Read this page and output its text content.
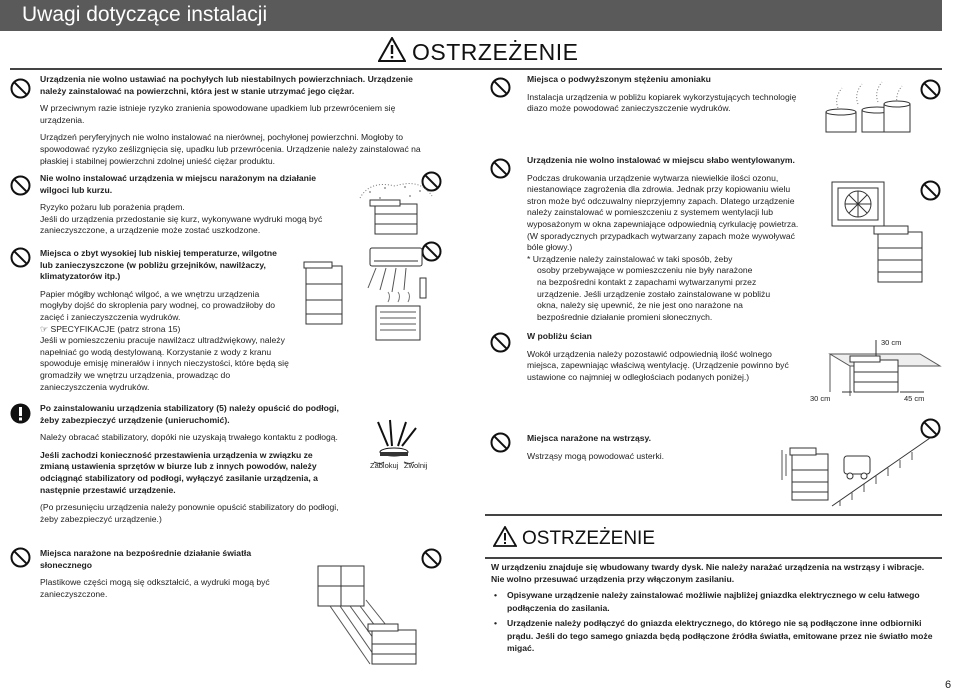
Uwagi dotyczące instalacji
OSTRZEŻENIE

Urządzenia nie wolno ustawiać na pochyłych lub niestabilnych powierzchniach. Urządzenie należy zainstalować na powierzchni, która jest w stanie utrzymać jego ciężar.

W przeciwnym razie istnieje ryzyko zranienia spowodowane upadkiem lub przewróceniem się urządzenia.

Urządzeń peryferyjnych nie wolno instalować na nierównej, pochyłonej powierzchni. Mogłoby to spowodować ryzyko ześlizgnięcia się, upadku lub przewrócenia. Urządzenie należy zainstalować na płaskiej i stabilnej powierzchni zdolnej unieść ciężar produktu.

Nie wolno instalować urządzenia w miejscu narażonym na działanie wilgoci lub kurzu.

Ryzyko pożaru lub porażenia prądem.

Jeśli do urządzenia przedostanie się kurz, wykonywane wydruki mogą być zanieczyszczone, a urządzenie może zostać uszkodzone.

Miejsca o zbyt wysokiej lub niskiej temperaturze, wilgotne lub zanieczyszczone (w pobliżu grzejników, nawilżaczy, klimatyzatorów itp.)

Papier mógłby wchłonąć wilgoć, a we wnętrzu urządzenia mogłyby dojść do skroplenia pary wodnej, co prowadziłoby do zacięć i zanieczyszczenia wydruków.

☞ SPECYFIKACJE (patrz strona 15)

Jeśli w pomieszczeniu pracuje nawilżacz ultradźwiękowy, należy napełniać go wodą destylowaną. Korzystanie z wody z kranu spowoduje emisję minerałów i innych nieczystości, które będą się gromadziły we wnętrzu urządzenia, prowadząc do zanieczyszczenia wydruków.

Po zainstalowaniu urządzenia stabilizatory (5) należy opuścić do podłogi, żeby zabezpieczyć urządzenie (unieruchomić).

Należy obracać stabilizatory, dopóki nie uzyskają trwałego kontaktu z podłogą.

Jeśli zachodzi konieczność przestawienia urządzenia w związku ze zmianą ustawienia sprzętów w biurze lub z innych powodów, należy odciągnąć stabilizatory od podłogi, wyłączyć zasilanie urządzenia, a następnie przestawić urządzenie.

(Po przesunięciu urządzenia należy ponownie opuścić stabilizatory do podłogi, żeby zabezpieczyć urządzenie.)

Zablokuj Zwolnij

Miejsca narażone na bezpośrednie działanie światła słonecznego

Plastikowe części mogą się odkształcić, a wydruki mogą być zanieczyszczone.

Miejsca o podwyższonym stężeniu amoniaku

Instalacja urządzenia w pobliżu kopiarek wykorzystujących technologię diazo może powodować zanieczyszczenie wydruków.

Urządzenia nie wolno instalować w miejscu słabo wentylowanym.

Podczas drukowania urządzenie wytwarza niewielkie ilości ozonu, niestanowiące zagrożenia dla zdrowia. Jednak przy kopiowaniu wielu stron może być odczuwalny nieprzyjemny zapach. Dlatego urządzenie należy zainstalować w pomieszczeniu z systemem wentylacji lub wyposażonym w okna zapewniające odpowiednią cyrkulację powietrza. (W sporadycznych przypadkach wytwarzany zapach może wywoływać bóle głowy.)

* Urządzenie należy zainstalować w taki sposób, żeby

osoby przebywające w pomieszczeniu nie były narażone

na bezpośredni kontakt z zapachami wytwarzanymi przez

urządzenie. Jeśli urządzenie zostało zainstalowane w pobliżu

okna, należy się upewnić, że nie jest ono narażone na

bezpośrednie działanie promieni słonecznych.

W pobliżu ścian

Wokół urządzenia należy pozostawić odpowiednią ilość wolnego miejsca, zapewniając właściwą wentylację. (Urządzenie powinno być ustawione co najmniej w odległościach podanych poniżej.)

30 cm
30 cm	45 cm

Miejsca narażone na wstrząsy.

Wstrząsy mogą powodować usterki.

OSTRZEŻENIE
W urządzeniu znajduje się wbudowany twardy dysk. Nie należy narażać urządzenia na wstrząsy i wibracje. Nie wolno przesuwać urządzenia przy włączonym zasilaniu.
• Opisywane urządzenie należy zainstalować możliwie najbliżej gniazdka elektrycznego w celu łatwego podłączenia do zasilania.
• Urządzenie należy podłączyć do gniazda elektrycznego, do którego nie są podłączone inne odbiorniki prądu. Jeśli do tego samego gniazda będą podłączone źródła światła, emitowane przez nie światło może migać.
6
